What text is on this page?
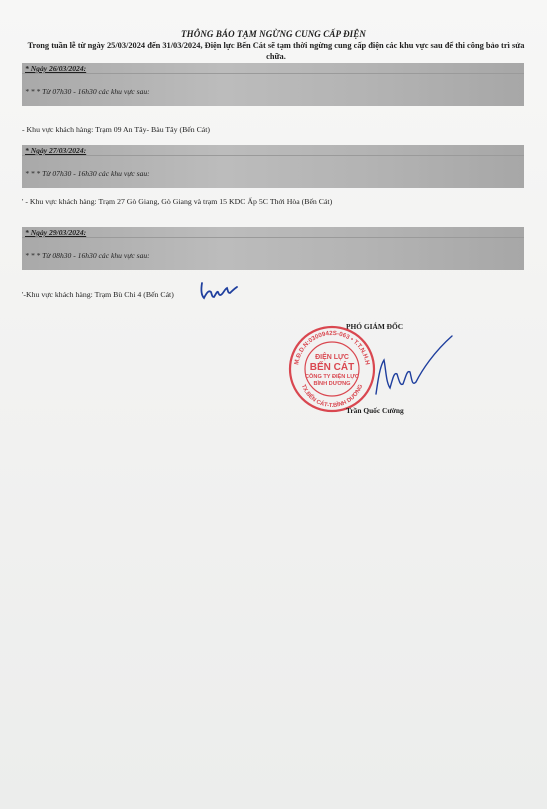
THÔNG BÁO TẠM NGỪNG CUNG CẤP ĐIỆN
Trong tuần lễ từ ngày 25/03/2024 đến 31/03/2024, Điện lực Bến Cát sẽ tạm thời ngừng cung cấp điện các khu vực sau để thi công bảo trì sửa chữa.
* Ngày 26/03/2024:
* * * Từ 07h30 - 16h30 các khu vực sau:
- Khu vực khách hàng: Trạm 09 An Tây- Bàu Tây (Bến Cát)
* Ngày 27/03/2024:
* * * Từ 07h30 - 16h30 các khu vực sau:
' - Khu vực khách hàng: Trạm 27 Gò Giang, Gò Giang và trạm 15 KDC Ấp 5C Thới Hòa (Bến Cát)
* Ngày 29/03/2024:
* * * Từ 08h30 - 16h30 các khu vực sau:
'-Khu vực khách hàng: Trạm Bù Chi 4 (Bến Cát)
PHÓ GIÁM ĐỐC
M.Đ.D.N:0300942S-063 • T.T.N.H.H
TX.BẾN CÁT-T.BÌNH DƯƠNG
ĐIỆN LỰC
BẾN CÁT
CÔNG TY ĐIỆN LỰC
BÌNH DƯƠNG
Trần Quốc Cường
